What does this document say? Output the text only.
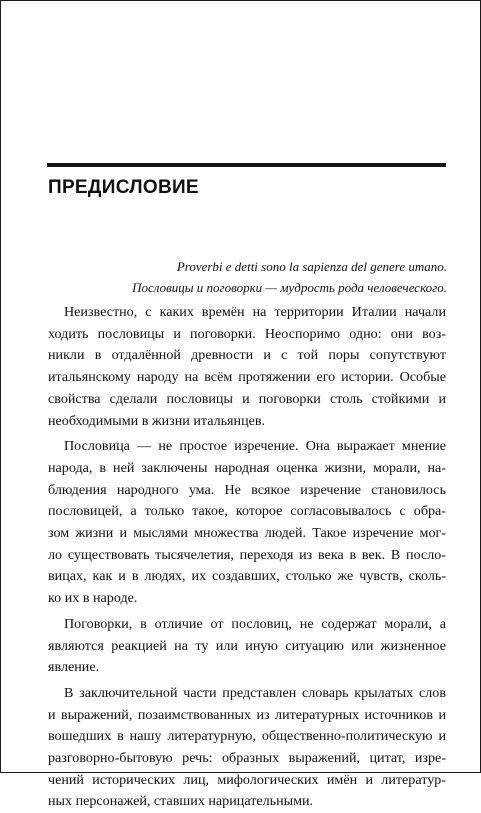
ПРЕДИСЛОВИЕ
Proverbi e detti sono la sapienza del genere umano.
Пословицы и поговорки — мудрость рода человеческого.
Неизвестно, с каких времён на территории Италии начали
ходить пословицы и поговорки. Неоспоримо одно: они воз-
никли в отдалённой древности и с той поры сопутствуют
итальянскому народу на всём протяжении его истории. Особые
свойства сделали пословицы и поговорки столь стойкими и
необходимыми в жизни итальянцев.
Пословица — не простое изречение. Она выражает мнение
народа, в ней заключены народная оценка жизни, морали, на-
блюдения народного ума. Не всякое изречение становилось
пословицей, а только такое, которое согласовывалось с обра-
зом жизни и мыслями множества людей. Такое изречение мог-
ло существовать тысячелетия, переходя из века в век. В посло-
вицах, как и в людях, их создавших, столько же чувств, сколь-
ко их в народе.
Поговорки, в отличие от пословиц, не содержат морали, а
являются реакцией на ту или иную ситуацию или жизненное
явление.
В заключительной части представлен словарь крылатых слов
и выражений, позаимствованных из литературных источников и
вошедших в нашу литературную, общественно-политическую и
разговорно-бытовую речь: образных выражений, цитат, изре-
чений исторических лиц, мифологических имён и литератур-
ных персонажей, ставших нарицательными.
